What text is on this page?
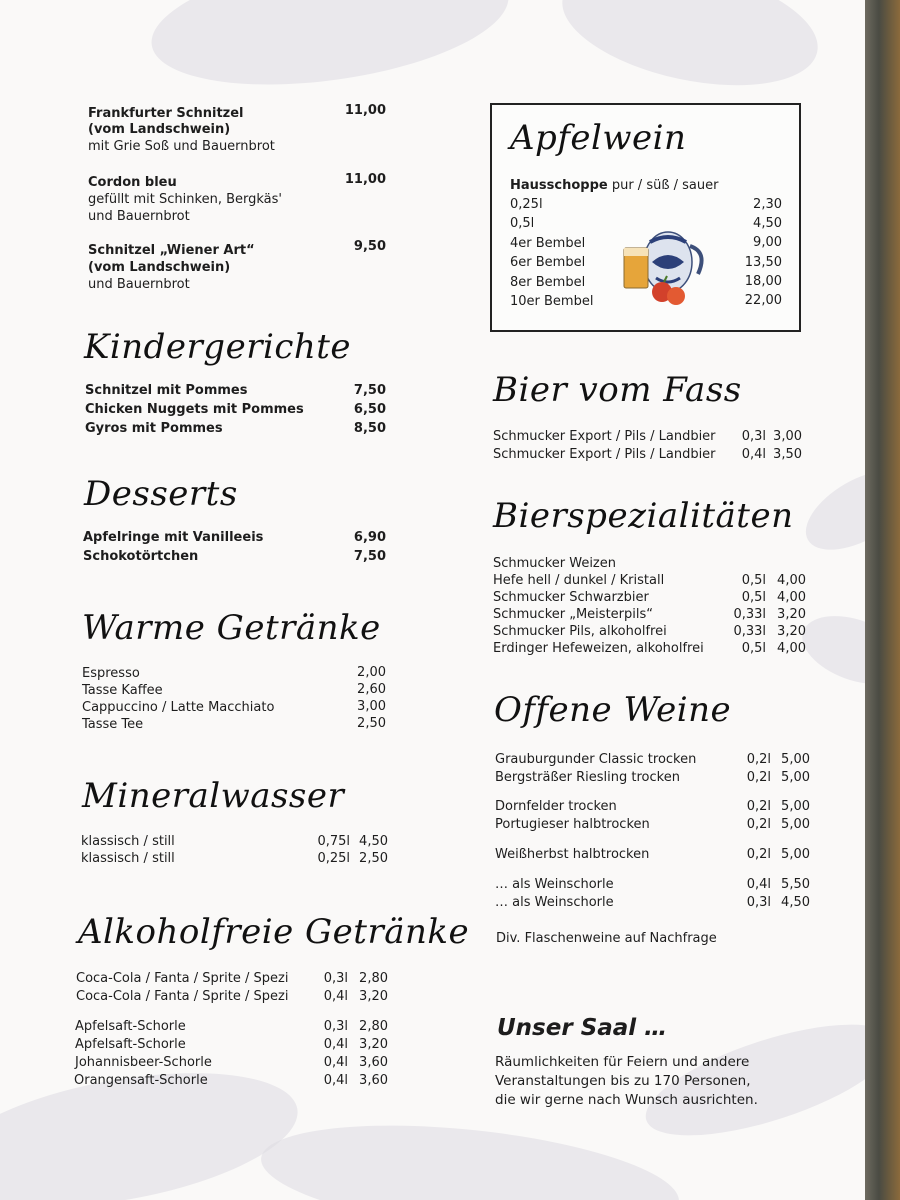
Frankfurter Schnitzel
(vom Landschwein)
mit Grie Soß und Bauernbrot
11,00
Cordon bleu
gefüllt mit Schinken, Bergkäs'
und Bauernbrot
11,00
Schnitzel „Wiener Art“
(vom Landschwein)
und Bauernbrot
9,50
Kindergerichte
Schnitzel mit Pommes	7,50
Chicken Nuggets mit Pommes	6,50
Gyros mit Pommes	8,50
Desserts
Apfelringe mit Vanilleeis	6,90
Schokotörtchen	7,50
Warme Getränke
Espresso	2,00
Tasse Kaffee	2,60
Cappuccino / Latte Macchiato	3,00
Tasse Tee	2,50
Mineralwasser
klassisch / still	0,75l 4,50
klassisch / still	0,25l 2,50
Alkoholfreie Getränke
Coca-Cola / Fanta / Sprite / Spezi	0,3l 2,80
Coca-Cola / Fanta / Sprite / Spezi	0,4l 3,20
Apfelsaft-Schorle	0,3l 2,80
Apfelsaft-Schorle	0,4l 3,20
Johannisbeer-Schorle	0,4l 3,60
Orangensaft-Schorle	0,4l 3,60
Apfelwein
Hausschoppe pur / süß / sauer
0,25l	2,30
0,5l	4,50
4er Bembel	9,00
6er Bembel	13,50
8er Bembel	18,00
10er Bembel	22,00
Bier vom Fass
Schmucker Export / Pils / Landbier	0,3l 3,00
Schmucker Export / Pils / Landbier	0,4l 3,50
Bierspezialitäten
Schmucker Weizen
Hefe hell / dunkel / Kristall	0,5l 4,00
Schmucker Schwarzbier	0,5l 4,00
Schmucker „Meisterpils“	0,33l 3,20
Schmucker Pils, alkoholfrei	0,33l 3,20
Erdinger Hefeweizen, alkoholfrei	0,5l 4,00
Offene Weine
Grauburgunder Classic trocken	0,2l 5,00
Bergsträßer Riesling trocken	0,2l 5,00
Dornfelder trocken	0,2l 5,00
Portugieser halbtrocken	0,2l 5,00
Weißherbst halbtrocken	0,2l 5,00
… als Weinschorle	0,4l 5,50
… als Weinschorle	0,3l 4,50
Div. Flaschenweine auf Nachfrage
Unser Saal …
Räumlichkeiten für Feiern und andere
Veranstaltungen bis zu 170 Personen,
die wir gerne nach Wunsch ausrichten.
